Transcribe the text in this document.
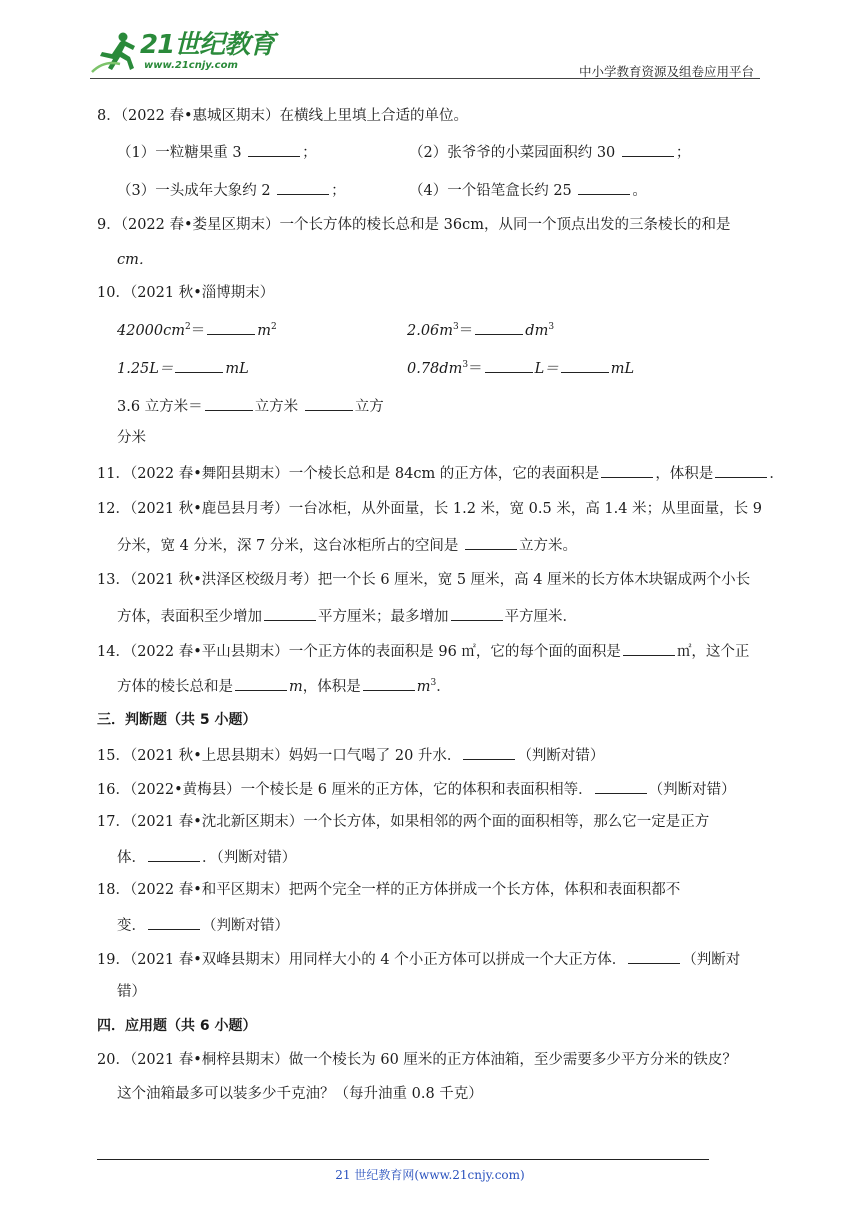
21世纪教育
www.21cnjy.com	中小学教育资源及组卷应用平台
8．（2022 春•惠城区期末）在横线上里填上合适的单位。
（1）一粒糖果重 3	；	（2）张爷爷的小菜园面积约 30	；
（3）一头成年大象约 2	；	（4）一个铅笔盒长约 25	。
9．（2022 春•娄星区期末）一个长方体的棱长总和是 36cm，从同一个顶点出发的三条棱长的和是
cm．
10．（2021 秋•淄博期末）
$42000cm^2=$	$m^2$	$2.06m^3=$	$dm^3$
1.25L＝	mL	$0.78dm^3=$	L＝	mL
3.6 立方米＝	立方米	立方
分米
11．（2022 春•舞阳县期末）一个棱长总和是 84cm 的正方体，它的表面积是	，体积是	．
12．（2021 秋•鹿邑县月考）一台冰柜，从外面量，长 1.2 米，宽 0.5 米，高 1.4 米；从里面量，长 9
分米，宽 4 分米，深 7 分米，这台冰柜所占的空间是	立方米。
13．（2021 秋•洪泽区校级月考）把一个长 6 厘米，宽 5 厘米，高 4 厘米的长方体木块锯成两个小长
方体，表面积至少增加	平方厘米；最多增加	平方厘米．
14．（2022 春•平山县期末）一个正方体的表面积是 96 ㎡，它的每个面的面积是	㎡，这个正
方体的棱长总和是	m，体积是	$m^3$．
三．判断题（共 5 小题）
15．（2021 秋•上思县期末）妈妈一口气喝了 20 升水．	（判断对错）
16．（2022•黄梅县）一个棱长是 6 厘米的正方体，它的体积和表面积相等．	（判断对错）
17．（2021 春•沈北新区期末）一个长方体，如果相邻的两个面的面积相等，那么它一定是正方
体．	．（判断对错）
18．（2022 春•和平区期末）把两个完全一样的正方体拼成一个长方体，体积和表面积都不
变．	（判断对错）
19．（2021 春•双峰县期末）用同样大小的 4 个小正方体可以拼成一个大正方体．	（判断对
错）
四．应用题（共 6 小题）
20．（2021 春•桐梓县期末）做一个棱长为 60 厘米的正方体油箱，至少需要多少平方分米的铁皮？
这个油箱最多可以装多少千克油？（每升油重 0.8 千克）
21 世纪教育网(www.21cnjy.com)
